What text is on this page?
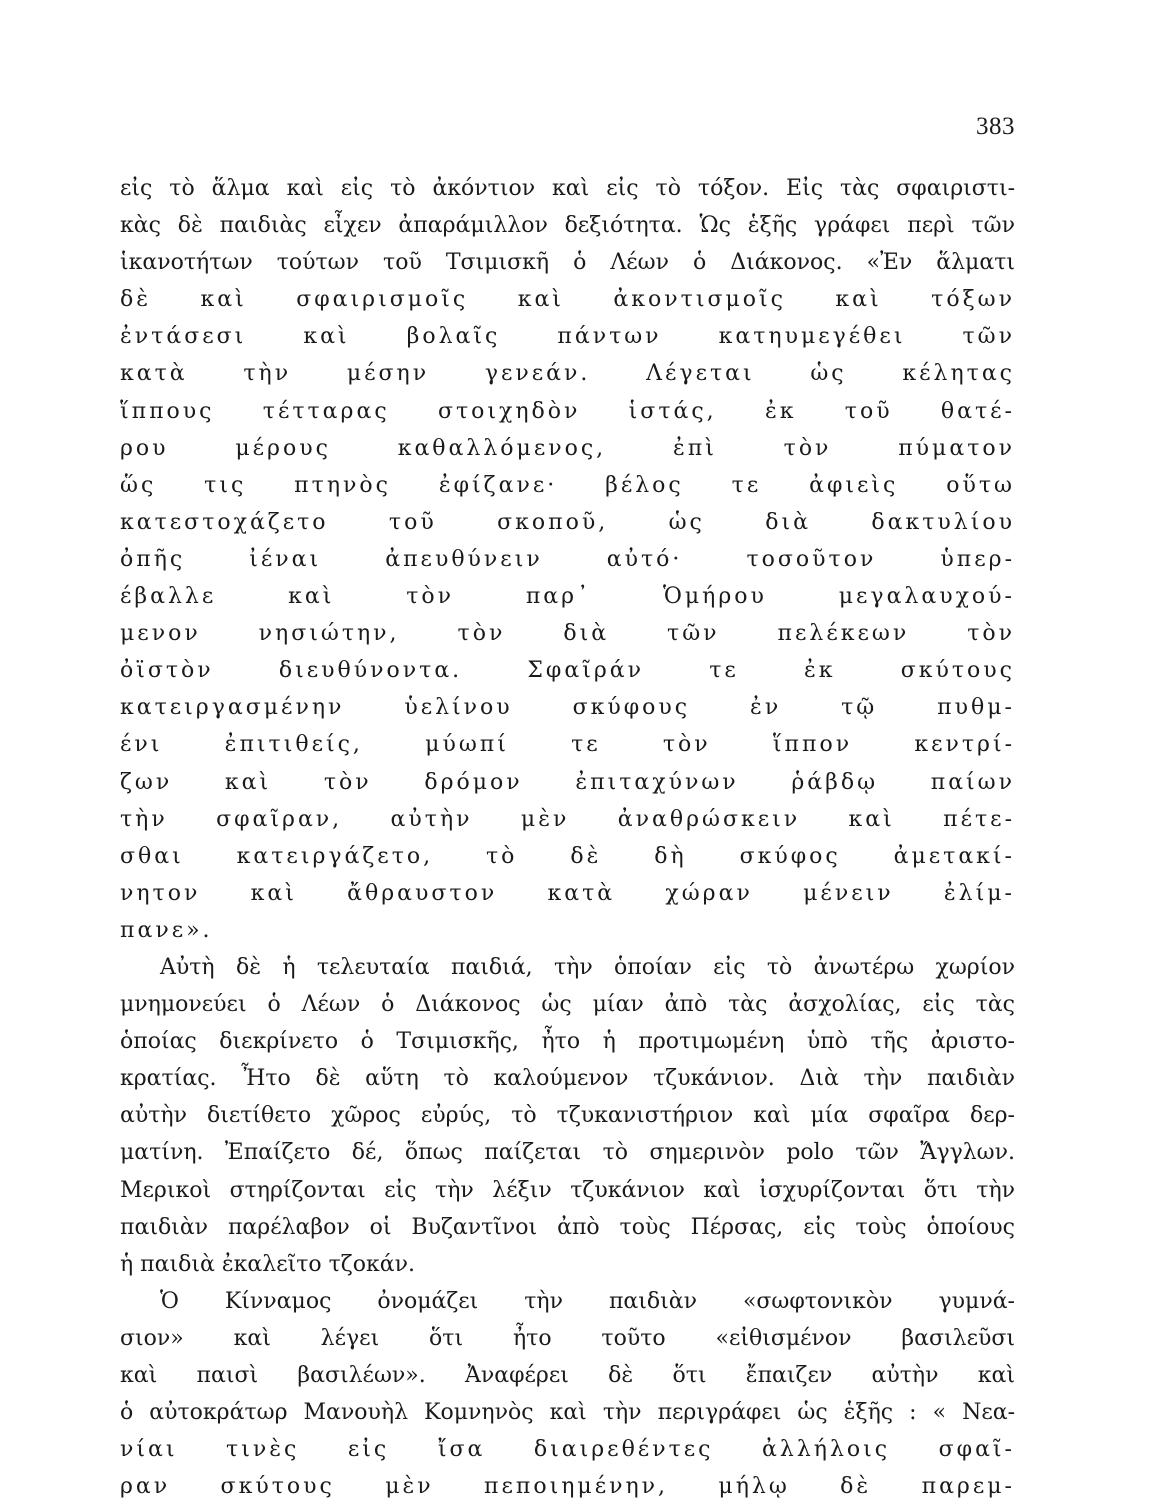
383
εἰς τὸ ἅλμα καὶ εἰς τὸ ἀκόντιον καὶ εἰς τὸ τόξον. Εἰς τὰς σφαιριστι-
κὰς δὲ παιδιὰς εἶχεν ἀπαράμιλλον δεξιότητα. Ὡς ἑξῆς γράφει περὶ τῶν
ἱκανοτήτων τούτων τοῦ Τσιμισκῆ ὁ Λέων ὁ Διάκονος. «Ἐν ἅλματι
δὲ καὶ σφαιρισμοῖς καὶ ἀκοντισμοῖς καὶ τόξων
ἐντάσεσι καὶ βολαῖς πάντων κατηυμεγέθει τῶν
κατὰ τὴν μέσην γενεάν. Λέγεται ὡς κέλητας
ἵππους τέτταρας στοιχηδὸν ἱστάς, ἐκ τοῦ θατέ-
ρου μέρους καθαλλόμενος, ἐπὶ τὸν πύματον
ὥς τις πτηνὸς ἐφίζανε· βέλος τε ἀφιεὶς οὕτω
κατεστοχάζετο τοῦ σκοποῦ, ὡς διὰ δακτυλίου
ὀπῆς ἰέναι ἀπευθύνειν αὐτό· τοσοῦτον ὑπερ-
έβαλλε καὶ τὸν παρ᾽ Ὁμήρου μεγαλαυχού-
μενον νησιώτην, τὸν διὰ τῶν πελέκεων τὸν
ὀϊστὸν διευθύνοντα. Σφαῖράν τε ἐκ σκύτους
κατειργασμένην ὑελίνου σκύφους ἐν τῷ πυθμ-
ένι ἐπιτιθείς, μύωπί τε τὸν ἵππον κεντρί-
ζων καὶ τὸν δρόμον ἐπιταχύνων ῥάβδῳ παίων
τὴν σφαῖραν, αὐτὴν μὲν ἀναθρώσκειν καὶ πέτε-
σθαι κατειργάζετο, τὸ δὲ δὴ σκύφος ἀμετακί-
νητον καὶ ἄθραυστον κατὰ χώραν μένειν ἐλίμ-
πανε».
Αὐτὴ δὲ ἡ τελευταία παιδιά, τὴν ὁποίαν εἰς τὸ ἀνωτέρω χωρίον
μνημονεύει ὁ Λέων ὁ Διάκονος ὡς μίαν ἀπὸ τὰς ἀσχολίας, εἰς τὰς
ὁποίας διεκρίνετο ὁ Τσιμισκῆς, ἦτο ἡ προτιμωμένη ὑπὸ τῆς ἀριστο-
κρατίας. Ἦτο δὲ αὕτη τὸ καλούμενον τζυκάνιον. Διὰ τὴν παιδιὰν
αὐτὴν διετίθετο χῶρος εὐρύς, τὸ τζυκανιστήριον καὶ μία σφαῖρα δερ-
ματίνη. Ἐπαίζετο δέ, ὅπως παίζεται τὸ σημερινὸν polo τῶν Ἄγγλων.
Μερικοὶ στηρίζονται εἰς τὴν λέξιν τζυκάνιον καὶ ἰσχυρίζονται ὅτι τὴν
παιδιὰν παρέλαβον οἱ Βυζαντῖνοι ἀπὸ τοὺς Πέρσας, εἰς τοὺς ὁποίους
ἡ παιδιὰ ἐκαλεῖτο τζοκάν.
Ὁ Κίνναμος ὀνομάζει τὴν παιδιὰν «σωφτονικὸν γυμνά-
σιον» καὶ λέγει ὅτι ἦτο τοῦτο «εἰθισμένον βασιλεῦσι
καὶ παισὶ βασιλέων». Ἀναφέρει δὲ ὅτι ἔπαιζεν αὐτὴν καὶ
ὁ αὐτοκράτωρ Μανουὴλ Κομνηνὸς καὶ τὴν περιγράφει ὡς ἑξῆς : « Νεα-
νίαι τινὲς εἰς ἴσα διαιρεθέντες ἀλλήλοις σφαῖ-
ραν σκύτους μὲν πεποιημένην, μήλῳ δὲ παρεμ-
